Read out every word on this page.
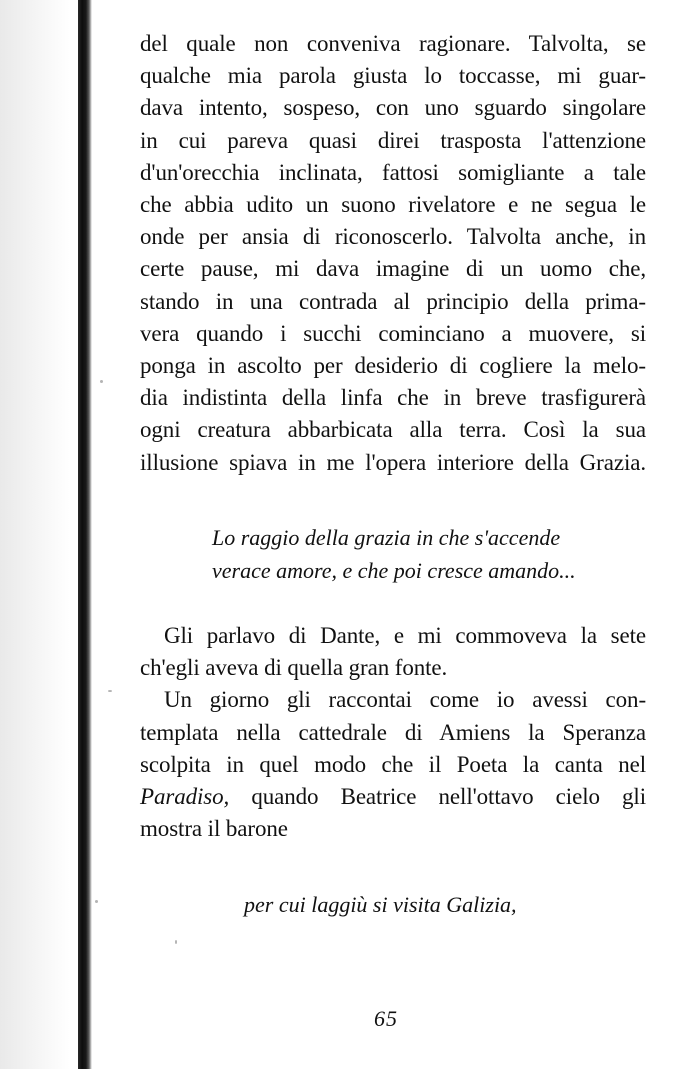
del quale non conveniva ragionare. Talvolta, se
qualche mia parola giusta lo toccasse, mi guar-
dava intento, sospeso, con uno sguardo singolare
in cui pareva quasi direi trasposta l'attenzione
d'un'orecchia inclinata, fattosi somigliante a tale
che abbia udito un suono rivelatore e ne segua le
onde per ansia di riconoscerlo. Talvolta anche, in
certe pause, mi dava imagine di un uomo che,
stando in una contrada al principio della prima-
vera quando i succhi cominciano a muovere, si
ponga in ascolto per desiderio di cogliere la melo-
dia indistinta della linfa che in breve trasfigurerà
ogni creatura abbarbicata alla terra. Così la sua
illusione spiava in me l'opera interiore della Grazia.
Lo raggio della grazia in che s'accende
verace amore, e che poi cresce amando...
Gli parlavo di Dante, e mi commoveva la sete
ch'egli aveva di quella gran fonte.
Un giorno gli raccontai come io avessi con-
templata nella cattedrale di Amiens la Speranza
scolpita in quel modo che il Poeta la canta nel
Paradiso, quando Beatrice nell'ottavo cielo gli
mostra il barone
per cui laggiù si visita Galizia,
65
